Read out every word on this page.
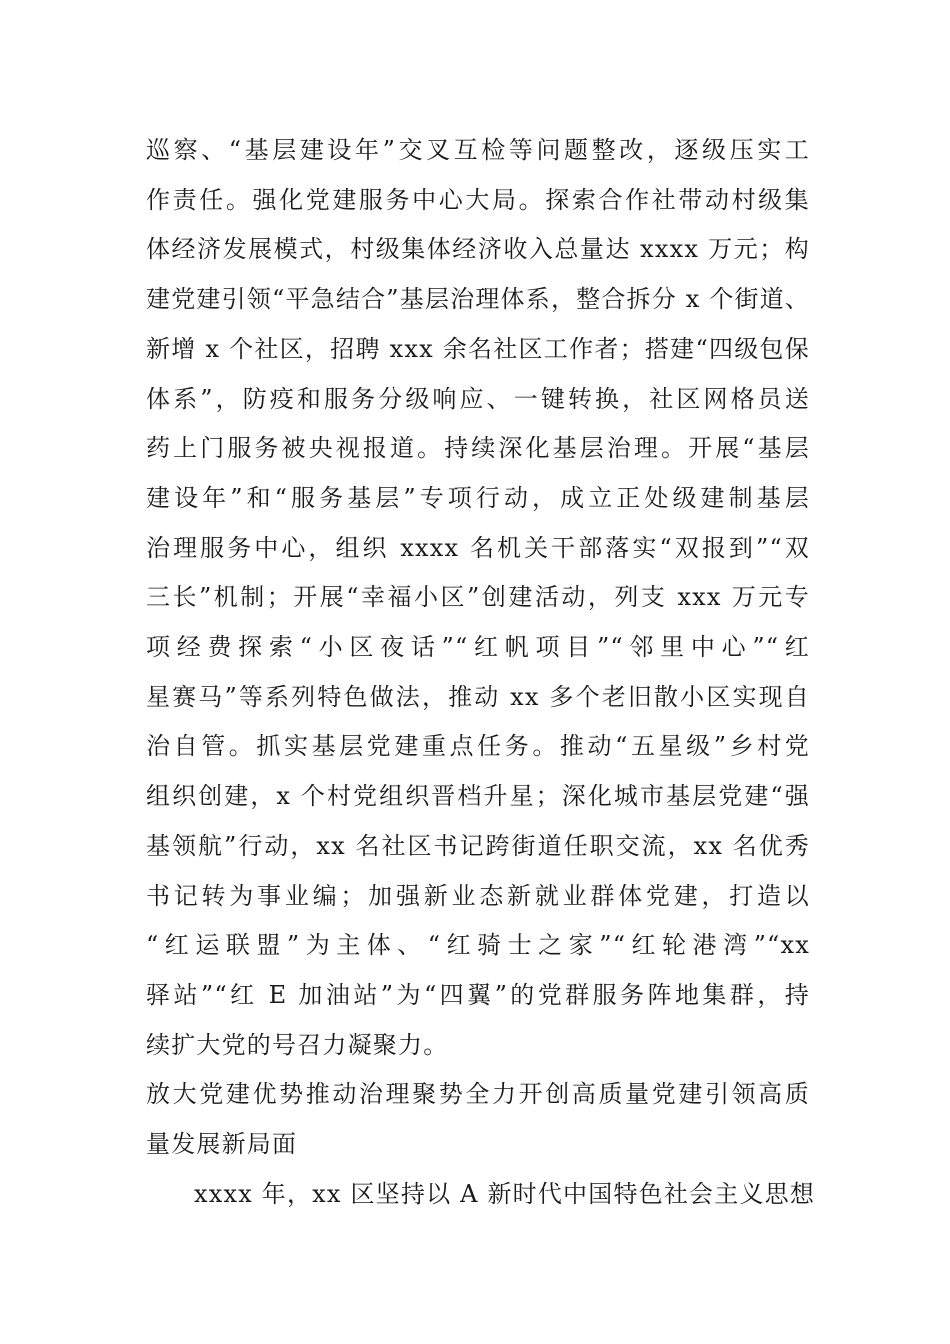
巡察、“基层建设年”交叉互检等问题整改，逐级压实工
作责任。强化党建服务中心大局。探索合作社带动村级集
体经济发展模式，村级集体经济收入总量达 xxxx 万元；构
建党建引领“平急结合”基层治理体系，整合拆分 x 个街道、
新增 x 个社区，招聘 xxx 余名社区工作者；搭建“四级包保
体系”，防疫和服务分级响应、一键转换，社区网格员送
药上门服务被央视报道。持续深化基层治理。开展“基层
建设年”和“服务基层”专项行动，成立正处级建制基层
治理服务中心，组织 xxxx 名机关干部落实“双报到”“双
三长”机制；开展“幸福小区”创建活动，列支 xxx 万元专
项经费探索“小区夜话”“红帆项目”“邻里中心”“红
星赛马”等系列特色做法，推动 xx 多个老旧散小区实现自
治自管。抓实基层党建重点任务。推动“五星级”乡村党
组织创建，x 个村党组织晋档升星；深化城市基层党建“强
基领航”行动，xx 名社区书记跨街道任职交流，xx 名优秀
书记转为事业编；加强新业态新就业群体党建，打造以
“红运联盟”为主体、“红骑士之家”“红轮港湾”“xx
驿站”“红 E 加油站”为“四翼”的党群服务阵地集群，持
续扩大党的号召力凝聚力。
放大党建优势推动治理聚势全力开创高质量党建引领高质
量发展新局面
xxxx 年，xx 区坚持以 A 新时代中国特色社会主义思想
